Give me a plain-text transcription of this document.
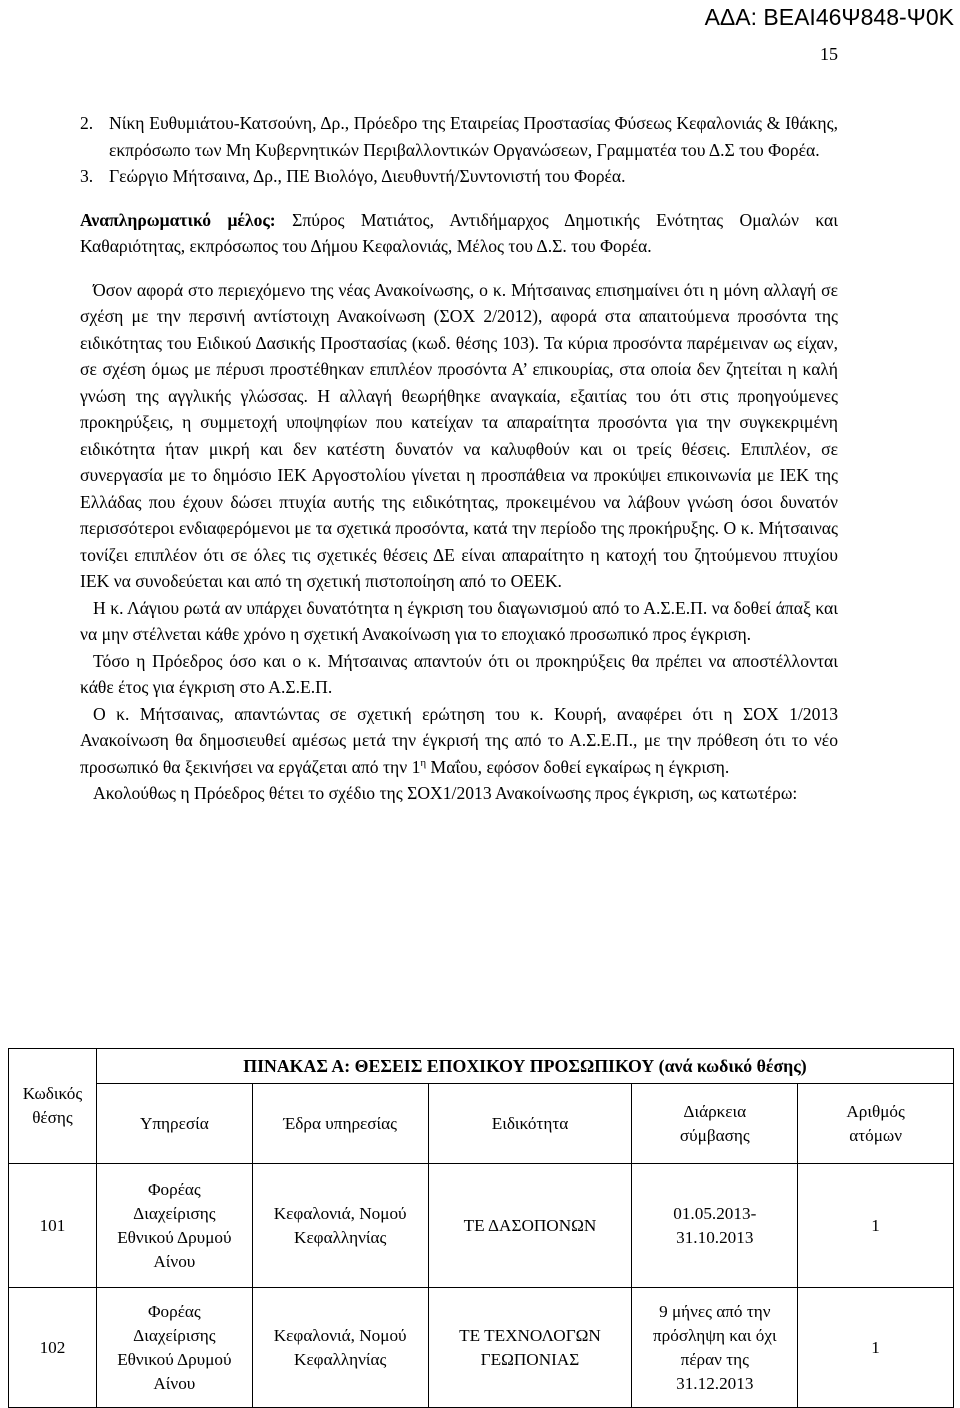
ΑΔΑ: ΒΕΑΙ46Ψ848-Ψ0Κ
15
2. Νίκη Ευθυμιάτου-Κατσούνη, Δρ., Πρόεδρο της Εταιρείας Προστασίας Φύσεως Κεφαλονιάς & Ιθάκης, εκπρόσωπο των Μη Κυβερνητικών Περιβαλλοντικών Οργανώσεων, Γραμματέα του Δ.Σ του Φορέα.
3. Γεώργιο Μήτσαινα, Δρ., ΠΕ Βιολόγο, Διευθυντή/Συντονιστή του Φορέα.

Αναπληρωματικό μέλος: Σπύρος Ματιάτος, Αντιδήμαρχος Δημοτικής Ενότητας Ομαλών και Καθαριότητας, εκπρόσωπος του Δήμου Κεφαλονιάς, Μέλος του Δ.Σ. του Φορέα.

Όσον αφορά στο περιεχόμενο της νέας Ανακοίνωσης, ο κ. Μήτσαινας επισημαίνει ότι η μόνη αλλαγή σε σχέση με την περσινή αντίστοιχη Ανακοίνωση (ΣΟΧ 2/2012), αφορά στα απαιτούμενα προσόντα της ειδικότητας του Ειδικού Δασικής Προστασίας (κωδ. θέσης 103). Τα κύρια προσόντα παρέμειναν ως είχαν, σε σχέση όμως με πέρυσι προστέθηκαν επιπλέον προσόντα Α’ επικουρίας, στα οποία δεν ζητείται η καλή γνώση της αγγλικής γλώσσας. Η αλλαγή θεωρήθηκε αναγκαία, εξαιτίας του ότι στις προηγούμενες προκηρύξεις, η συμμετοχή υποψηφίων που κατείχαν τα απαραίτητα προσόντα για την συγκεκριμένη ειδικότητα ήταν μικρή και δεν κατέστη δυνατόν να καλυφθούν και οι τρείς θέσεις. Επιπλέον, σε συνεργασία με το δημόσιο ΙΕΚ Αργοστολίου γίνεται η προσπάθεια να προκύψει επικοινωνία με ΙΕΚ της Ελλάδας που έχουν δώσει πτυχία αυτής της ειδικότητας, προκειμένου να λάβουν γνώση όσοι δυνατόν περισσότεροι ενδιαφερόμενοι με τα σχετικά προσόντα, κατά την περίοδο της προκήρυξης. Ο κ. Μήτσαινας τονίζει επιπλέον ότι σε όλες τις σχετικές θέσεις ΔΕ είναι απαραίτητο η κατοχή του ζητούμενου πτυχίου ΙΕΚ να συνοδεύεται και από τη σχετική πιστοποίηση από το ΟΕΕΚ.

Η κ. Λάγιου ρωτά αν υπάρχει δυνατότητα η έγκριση του διαγωνισμού από το Α.Σ.Ε.Π. να δοθεί άπαξ και να μην στέλνεται κάθε χρόνο η σχετική Ανακοίνωση για το εποχιακό προσωπικό προς έγκριση.

Τόσο η Πρόεδρος όσο και ο κ. Μήτσαινας απαντούν ότι οι προκηρύξεις θα πρέπει να αποστέλλονται κάθε έτος για έγκριση στο Α.Σ.Ε.Π.

Ο κ. Μήτσαινας, απαντώντας σε σχετική ερώτηση του κ. Κουρή, αναφέρει ότι η ΣΟΧ 1/2013 Ανακοίνωση θα δημοσιευθεί αμέσως μετά την έγκρισή της από το Α.Σ.Ε.Π., με την πρόθεση ότι το νέο προσωπικό θα ξεκινήσει να εργάζεται από την $1^\eta$ Μαΐου, εφόσον δοθεί εγκαίρως η έγκριση.

Ακολούθως η Πρόεδρος θέτει το σχέδιο της ΣΟΧ1/2013 Ανακοίνωσης προς έγκριση, ως κατωτέρω:

Κωδικός
θέσης	ΠΙΝΑΚΑΣ Α: ΘΕΣΕΙΣ ΕΠΟΧΙΚΟΥ ΠΡΟΣΩΠΙΚΟΥ (ανά κωδικό θέσης)				
	Υπηρεσία	Έδρα υπηρεσίας	Ειδικότητα	Διάρκεια
σύμβασης	Αριθμός
ατόμων
101	Φορέας
Διαχείρισης
Εθνικού Δρυμού
Αίνου	Κεφαλονιά, Νομού
Κεφαλληνίας	ΤΕ ΔΑΣΟΠΟΝΩΝ	01.05.2013-
31.10.2013	1
102	Φορέας
Διαχείρισης
Εθνικού Δρυμού
Αίνου	Κεφαλονιά, Νομού
Κεφαλληνίας	ΤΕ ΤΕΧΝΟΛΟΓΩΝ
ΓΕΩΠΟΝΙΑΣ	9 μήνες από την
πρόσληψη και όχι
πέραν της
31.12.2013	1
